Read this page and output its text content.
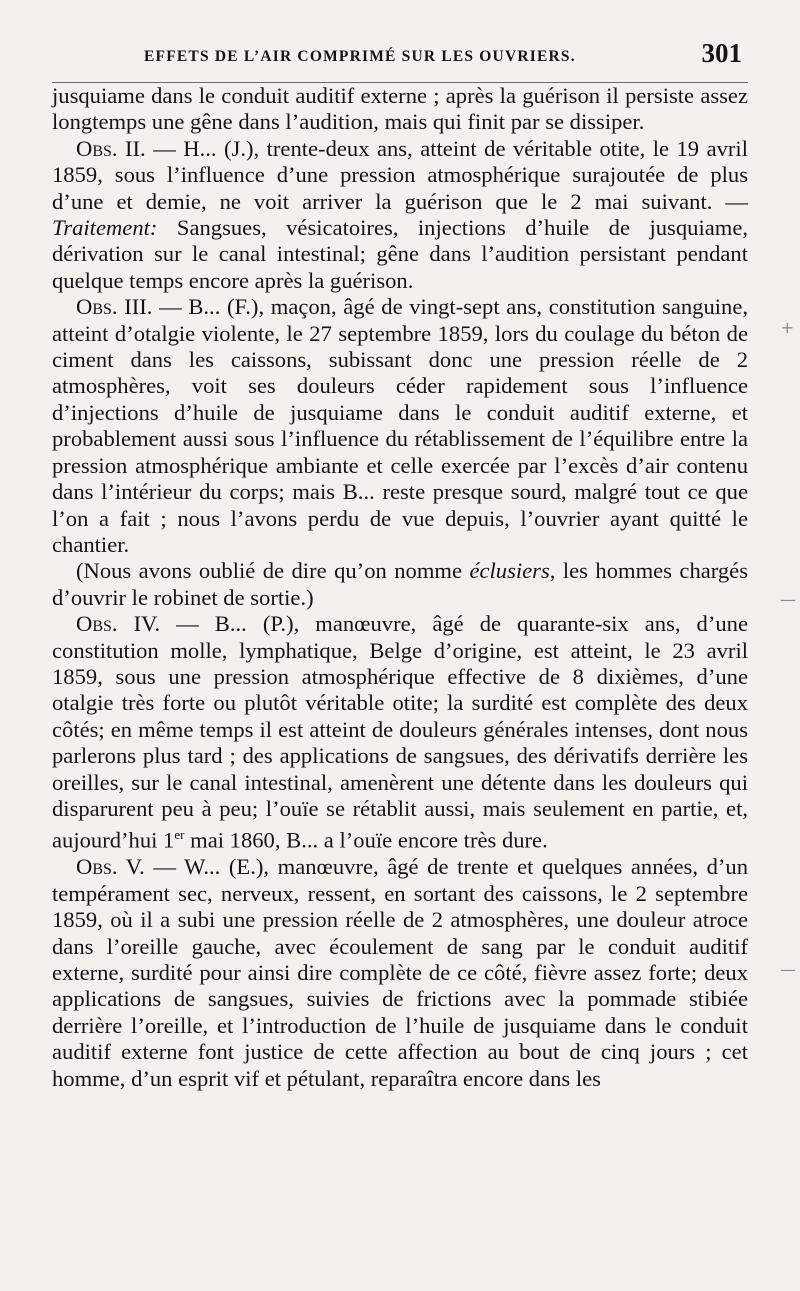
EFFETS DE L’AIR COMPRIMÉ SUR LES OUVRIERS.	301

jusquiame dans le conduit auditif externe ; après la guérison il persiste assez longtemps une gêne dans l’audition, mais qui finit par se dissiper.

Obs. II. — H... (J.), trente-deux ans, atteint de véritable otite, le 19 avril 1859, sous l’influence d’une pression atmosphérique surajoutée de plus d’une et demie, ne voit arriver la guérison que le 2 mai suivant. — Traitement: Sangsues, vésicatoires, injections d’huile de jusquiame, dérivation sur le canal intestinal; gêne dans l’audition persistant pendant quelque temps encore après la guérison.

Obs. III. — B... (F.), maçon, âgé de vingt-sept ans, constitution sanguine, atteint d’otalgie violente, le 27 septembre 1859, lors du coulage du béton de ciment dans les caissons, subissant donc une pression réelle de 2 atmosphères, voit ses douleurs céder rapidement sous l’influence d’injections d’huile de jusquiame dans le conduit auditif externe, et probablement aussi sous l’influence du rétablissement de l’équilibre entre la pression atmosphérique ambiante et celle exercée par l’excès d’air contenu dans l’intérieur du corps; mais B... reste presque sourd, malgré tout ce que l’on a fait ; nous l’avons perdu de vue depuis, l’ouvrier ayant quitté le chantier.

(Nous avons oublié de dire qu’on nomme éclusiers, les hommes chargés d’ouvrir le robinet de sortie.)

Obs. IV. — B... (P.), manœuvre, âgé de quarante-six ans, d’une constitution molle, lymphatique, Belge d’origine, est atteint, le 23 avril 1859, sous une pression atmosphérique effective de 8 dixièmes, d’une otalgie très forte ou plutôt véritable otite; la surdité est complète des deux côtés; en même temps il est atteint de douleurs générales intenses, dont nous parlerons plus tard ; des applications de sangsues, des dérivatifs derrière les oreilles, sur le canal intestinal, amenèrent une détente dans les douleurs qui disparurent peu à peu; l’ouïe se rétablit aussi, mais seulement en partie, et, aujourd’hui 1er mai 1860, B... a l’ouïe encore très dure.

Obs. V. — W... (E.), manœuvre, âgé de trente et quelques années, d’un tempérament sec, nerveux, ressent, en sortant des caissons, le 2 septembre 1859, où il a subi une pression réelle de 2 atmosphères, une douleur atroce dans l’oreille gauche, avec écoulement de sang par le conduit auditif externe, surdité pour ainsi dire complète de ce côté, fièvre assez forte; deux applications de sangsues, suivies de frictions avec la pommade stibiée derrière l’oreille, et l’introduction de l’huile de jusquiame dans le conduit auditif externe font justice de cette affection au bout de cinq jours ; cet homme, d’un esprit vif et pétulant, reparaîtra encore dans les

+
—
—
